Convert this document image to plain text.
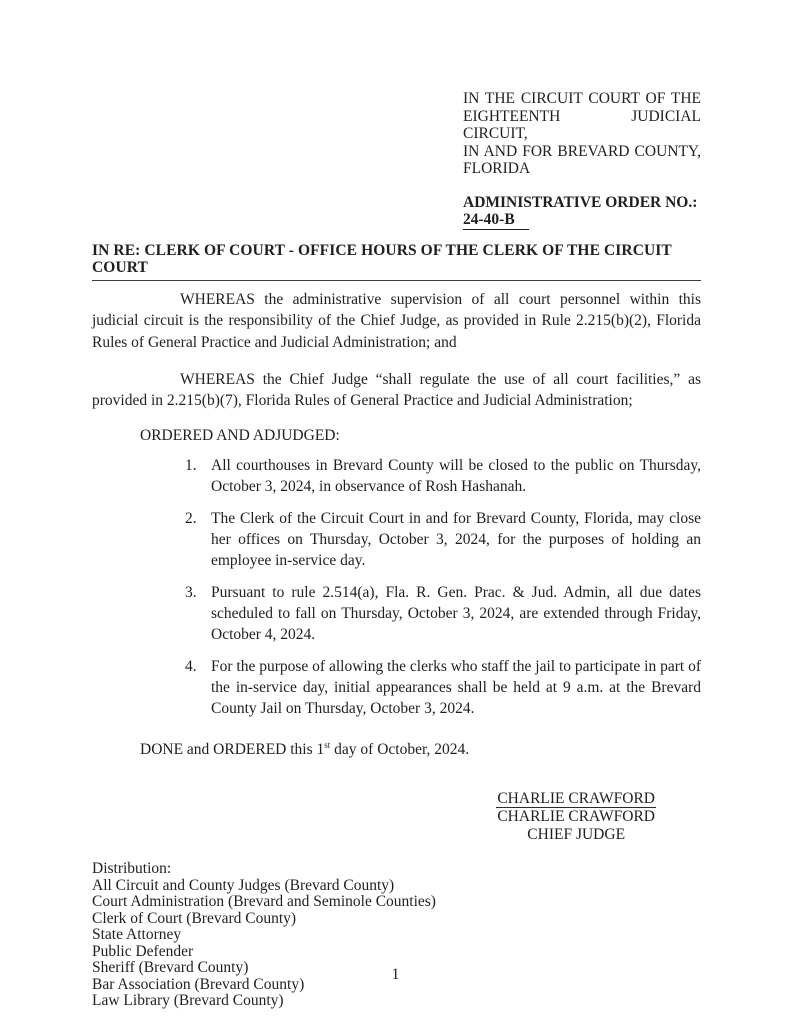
IN THE CIRCUIT COURT OF THE
EIGHTEENTH JUDICIAL CIRCUIT,
IN AND FOR BREVARD COUNTY,
FLORIDA
ADMINISTRATIVE ORDER NO.:
24-40-B
IN RE: CLERK OF COURT - OFFICE HOURS OF THE CLERK OF THE CIRCUIT COURT

WHEREAS the administrative supervision of all court personnel within this judicial circuit is the responsibility of the Chief Judge, as provided in Rule 2.215(b)(2), Florida Rules of General Practice and Judicial Administration; and

WHEREAS the Chief Judge “shall regulate the use of all court facilities,” as provided in 2.215(b)(7), Florida Rules of General Practice and Judicial Administration;

ORDERED AND ADJUDGED:
1. All courthouses in Brevard County will be closed to the public on Thursday, October 3, 2024, in observance of Rosh Hashanah.
2. The Clerk of the Circuit Court in and for Brevard County, Florida, may close her offices on Thursday, October 3, 2024, for the purposes of holding an employee in-service day.
3. Pursuant to rule 2.514(a), Fla. R. Gen. Prac. & Jud. Admin, all due dates scheduled to fall on Thursday, October 3, 2024, are extended through Friday, October 4, 2024.
4. For the purpose of allowing the clerks who staff the jail to participate in part of the in-service day, initial appearances shall be held at 9 a.m. at the Brevard County Jail on Thursday, October 3, 2024.
DONE and ORDERED this 1st day of October, 2024.
CHARLIE CRAWFORD
CHARLIE CRAWFORD
CHIEF JUDGE
Distribution:
All Circuit and County Judges (Brevard County)
Court Administration (Brevard and Seminole Counties)
Clerk of Court (Brevard County)
State Attorney
Public Defender
Sheriff (Brevard County)
Bar Association (Brevard County)
Law Library (Brevard County)
1
